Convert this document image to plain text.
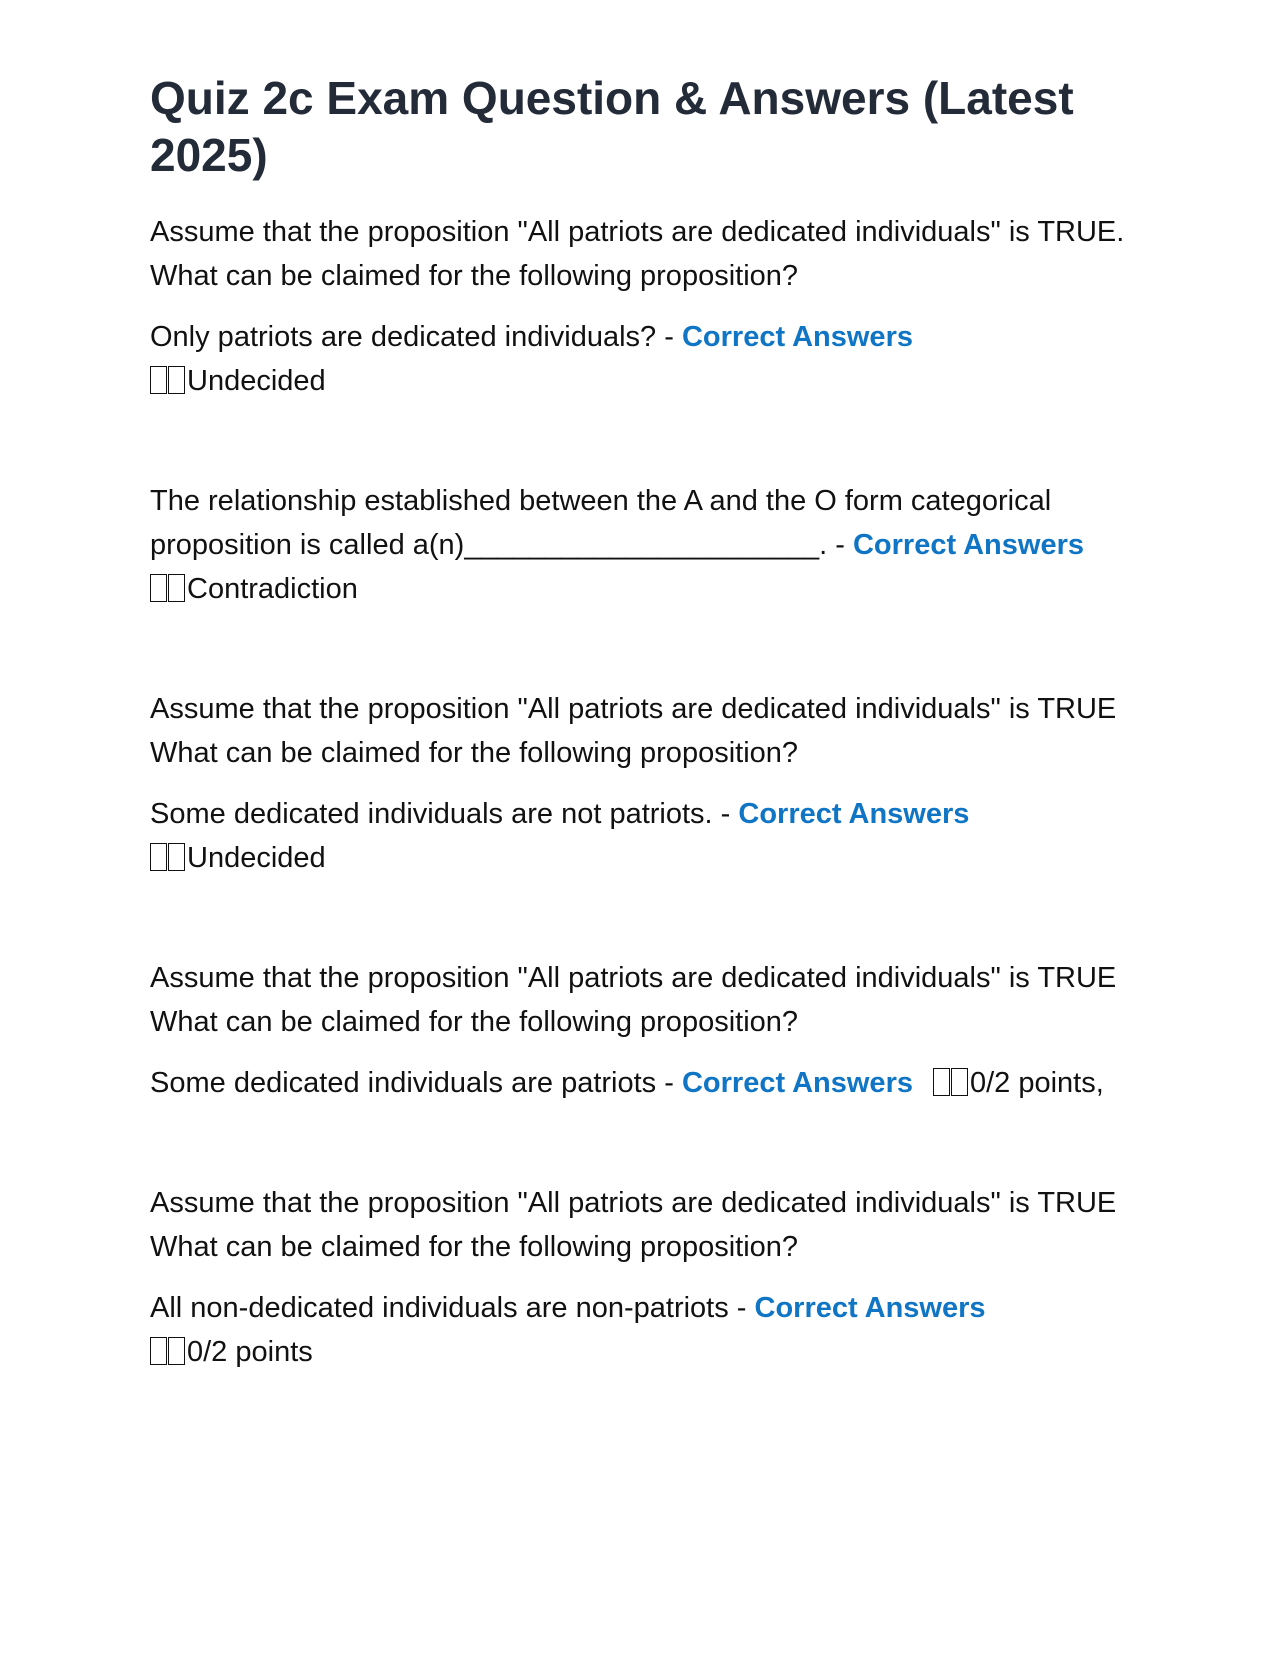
Quiz 2c Exam Question & Answers (Latest 2025)

Assume that the proposition "All patriots are dedicated individuals" is TRUE. What can be claimed for the following proposition?

Only patriots are dedicated individuals? - Correct Answers
Undecided

The relationship established between the A and the O form categorical proposition is called a(n)______________________. - Correct Answers
Contradiction

Assume that the proposition "All patriots are dedicated individuals" is TRUE What can be claimed for the following proposition?

Some dedicated individuals are not patriots. - Correct Answers
Undecided

Assume that the proposition "All patriots are dedicated individuals" is TRUE What can be claimed for the following proposition?

Some dedicated individuals are patriots - Correct Answers 0/2 points,

Assume that the proposition "All patriots are dedicated individuals" is TRUE What can be claimed for the following proposition?

All non-dedicated individuals are non-patriots - Correct Answers
0/2 points
